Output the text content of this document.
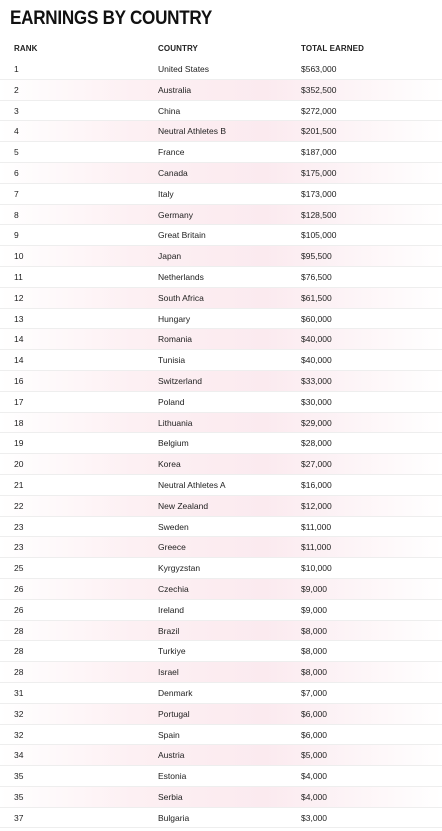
EARNINGS BY COUNTRY
RANK	COUNTRY	TOTAL EARNED
1	United States	$563,000
2	Australia	$352,500
3	China	$272,000
4	Neutral Athletes B	$201,500
5	France	$187,000
6	Canada	$175,000
7	Italy	$173,000
8	Germany	$128,500
9	Great Britain	$105,000
10	Japan	$95,500
11	Netherlands	$76,500
12	South Africa	$61,500
13	Hungary	$60,000
14	Romania	$40,000
14	Tunisia	$40,000
16	Switzerland	$33,000
17	Poland	$30,000
18	Lithuania	$29,000
19	Belgium	$28,000
20	Korea	$27,000
21	Neutral Athletes A	$16,000
22	New Zealand	$12,000
23	Sweden	$11,000
23	Greece	$11,000
25	Kyrgyzstan	$10,000
26	Czechia	$9,000
26	Ireland	$9,000
28	Brazil	$8,000
28	Turkiye	$8,000
28	Israel	$8,000
31	Denmark	$7,000
32	Portugal	$6,000
32	Spain	$6,000
34	Austria	$5,000
35	Estonia	$4,000
35	Serbia	$4,000
37	Bulgaria	$3,000
